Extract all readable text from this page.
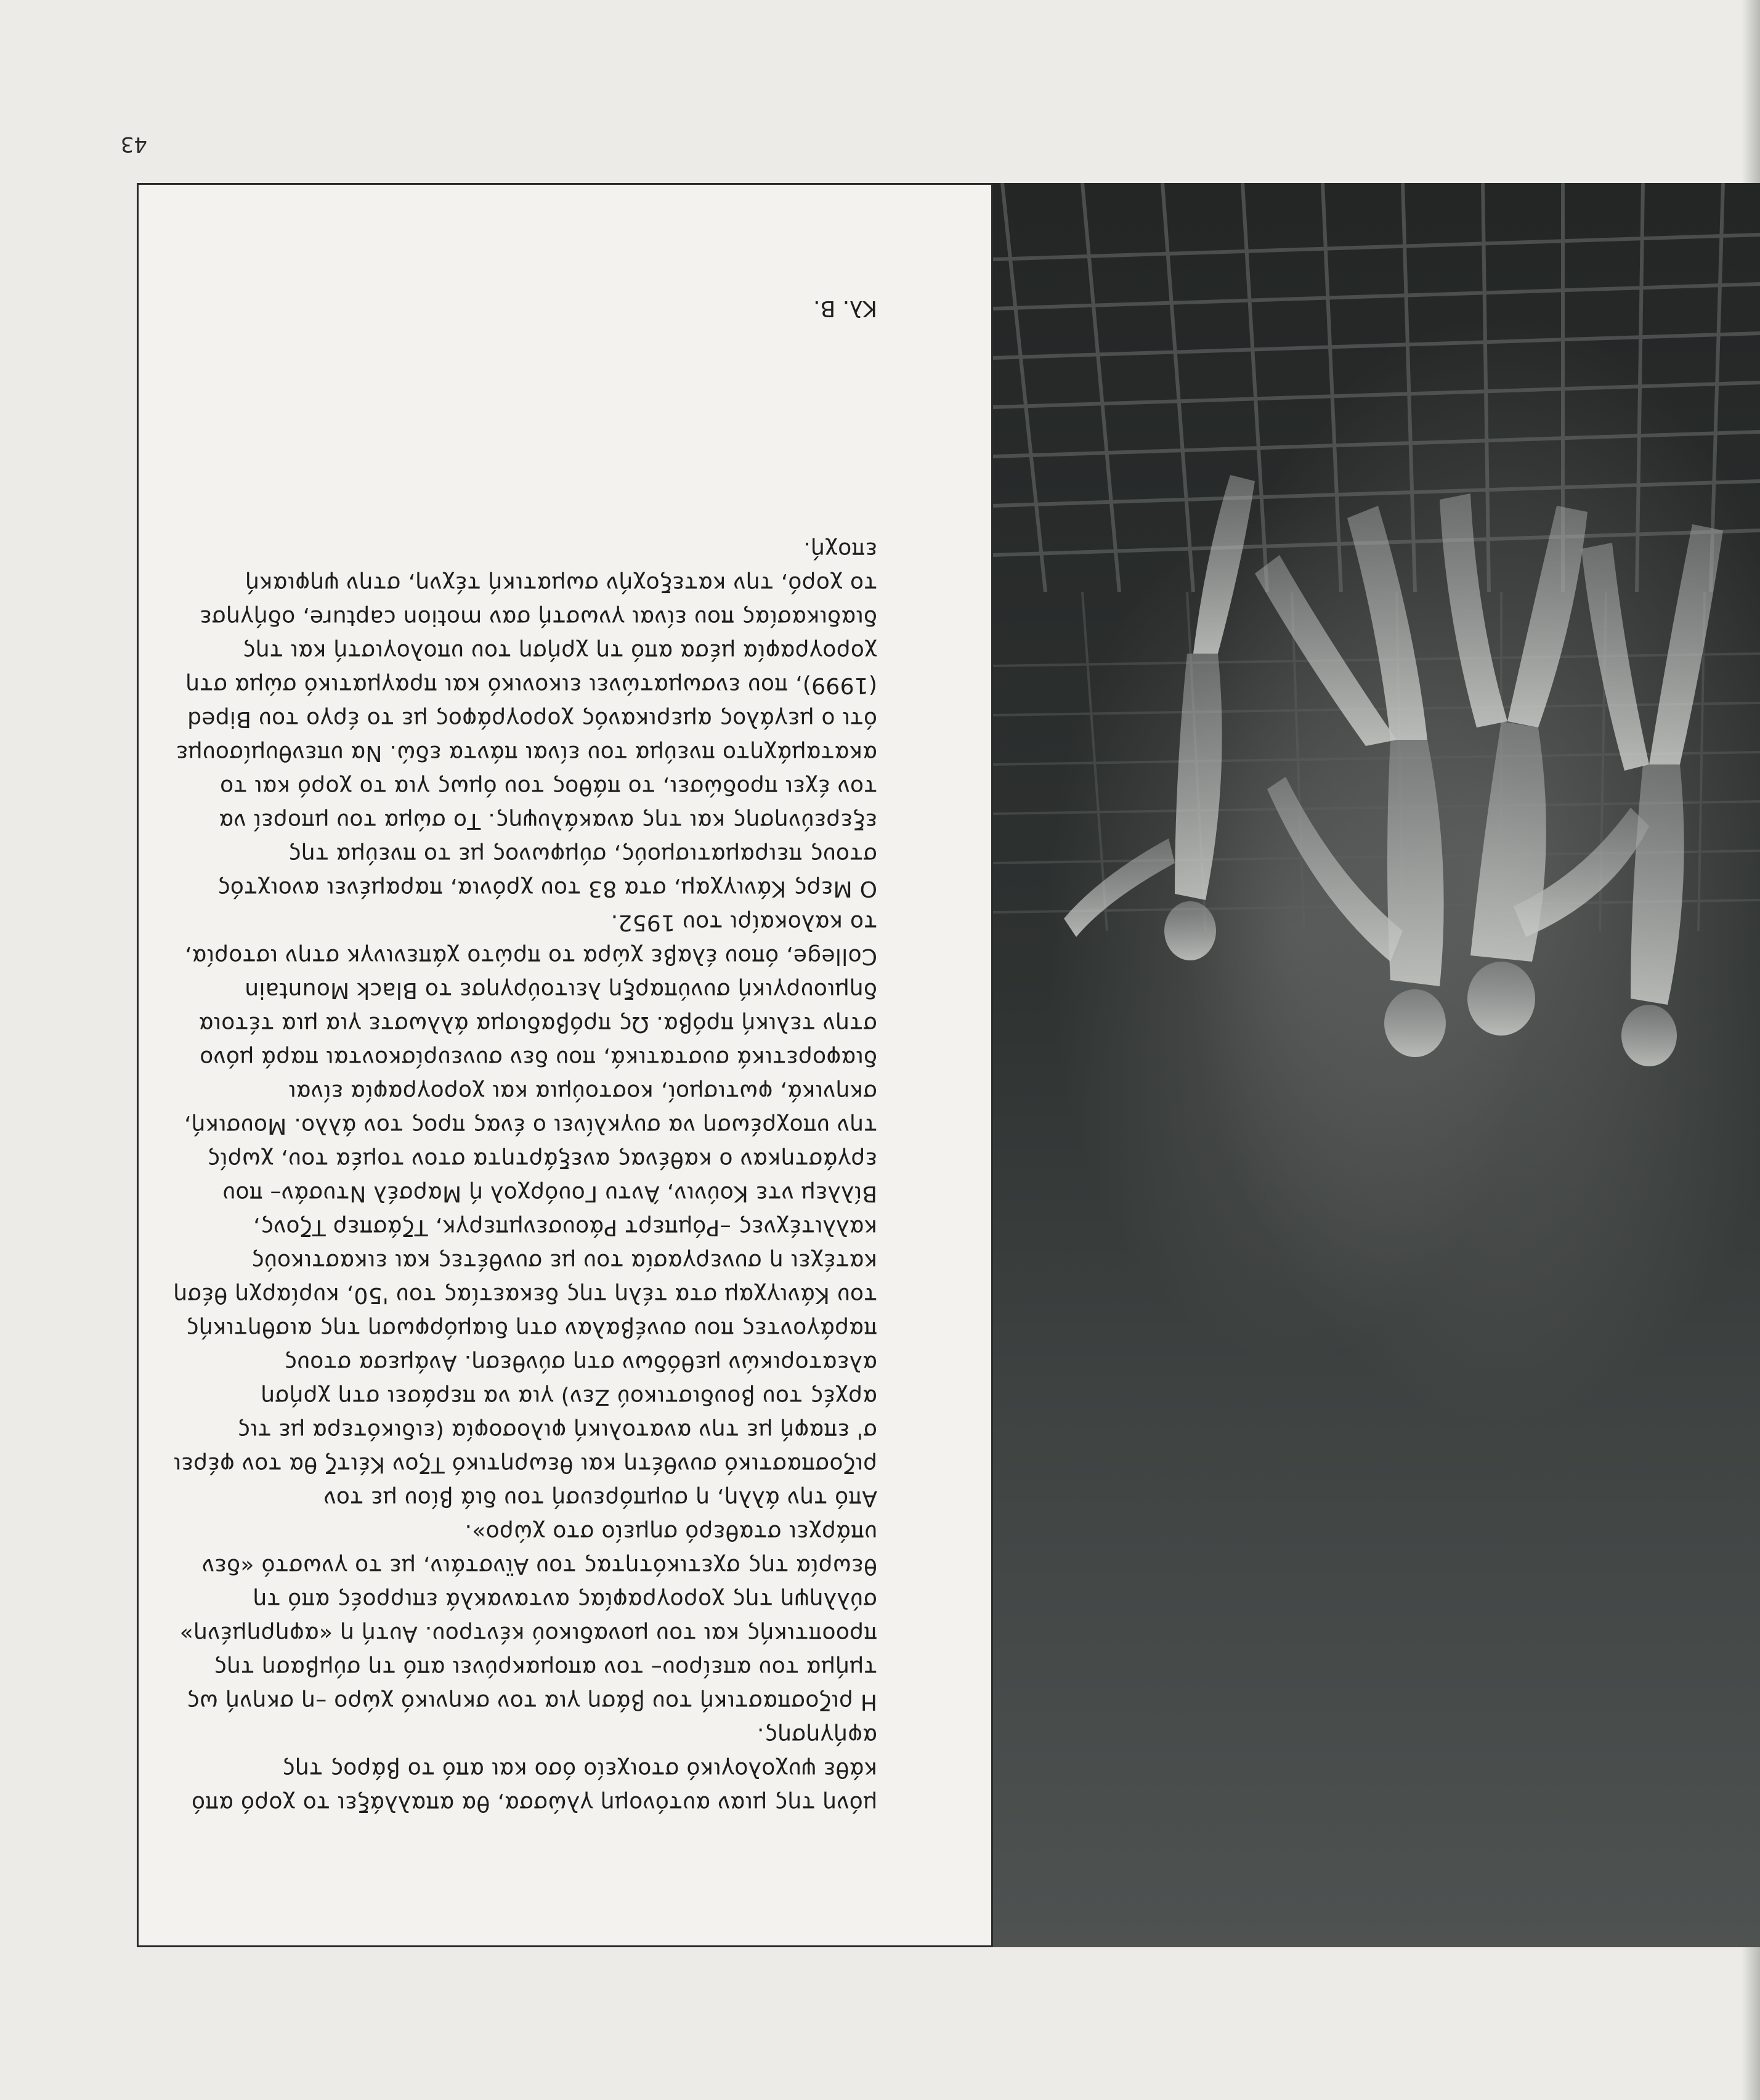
μόνη της μιαν αυτόνομη γλώσσα, θα απαλλάξει το χορό από κάθε ψυχολογικό στοιχείο όσο και από το βάρος της αφήγησης.

Η ριζοσπαστική του βάση για τον σκηνικό χώρο –η σκηνή ως τμήμα του απείρου– τον απομακρύνει από τη σύμβαση της προοπτικής και του μοναδικού κέντρου. Αυτή η «αφηρημένη» σύλληψη της χορογραφίας αντανακλά επιρροές από τη θεωρία της σχετικότητας του Αϊνστάιν, με το γνωστό «δεν υπάρχει σταθερό σημείο στο χώρο».

Από την άλλη, η συμπόρευσή του διά βίου με τον ριζοσπαστικό συνθέτη και θεωρητικό Τζον Κέιτζ θα τον φέρει σ' επαφή με την ανατολική φιλοσοφία (ειδικότερα με τις αρχές του βουδιστικού Ζεν) για να περάσει στη χρήση αλεατορικών μεθόδων στη σύνθεση. Ανάμεσα στους παράγοντες που συνέβαλαν στη διαμόρφωση της αισθητικής του Κάνιγχαμ στα τέλη της δεκαετίας του '50, κυρίαρχη θέση κατέχει η συνεργασία του με συνθέτες και εικαστικούς καλλιτέχνες –Ρόμπερτ Ράουσενμπεργκ, Τζάσπερ Τζονς, Βίλλεμ ντε Κούνιν, Άντυ Γουόρχολ ή Μαρσέλ Ντυσάν– που εργάστηκαν ο καθένας ανεξάρτητα στον τομέα του, χωρίς την υποχρέωση να συγκλίνει ο ένας προς τον άλλο. Μουσική, σκηνικά, φωτισμοί, κοστούμια και χορογραφία είναι διαφορετικά συστατικά, που δεν συνευρίσκονται παρά μόνο στην τελική πρόβα. Ως πρόβαδισμα άλλωστε για μια τέτοια δημιουργική συνύπαρξη λειτούργησε το Black Mountain College, όπου έλαβε χώρα το πρώτο χάπενινγκ στην ιστορία, το καλοκαίρι του 1952.

Ο Μερς Κάνιγχαμ, στα 83 του χρόνια, παραμένει ανοιχτός στους πειραματισμούς, σύμφωνος με το πνεύμα της εξερεύνησης και της ανακάλυψης. Το σώμα του μπορεί να τον έχει προδώσει, το πάθος του όμως για το χορό και το ακαταμάχητο πνεύμα του είναι πάντα εδώ. Να υπενθυμίσουμε ότι ο μεγάλος αμερικανός χορογράφος με το έργο του Biped (1999), που ενσωματώνει εικονικό και πραγματικό σώμα στη χορογραφία μέσα από τη χρήση του υπολογιστή και της διαδικασίας που είναι γνωστή σαν motion capture, οδήγησε το χορό, την κατεξοχήν σωματική τέχνη, στην ψηφιακή εποχή.

Κλ. Β.
43
